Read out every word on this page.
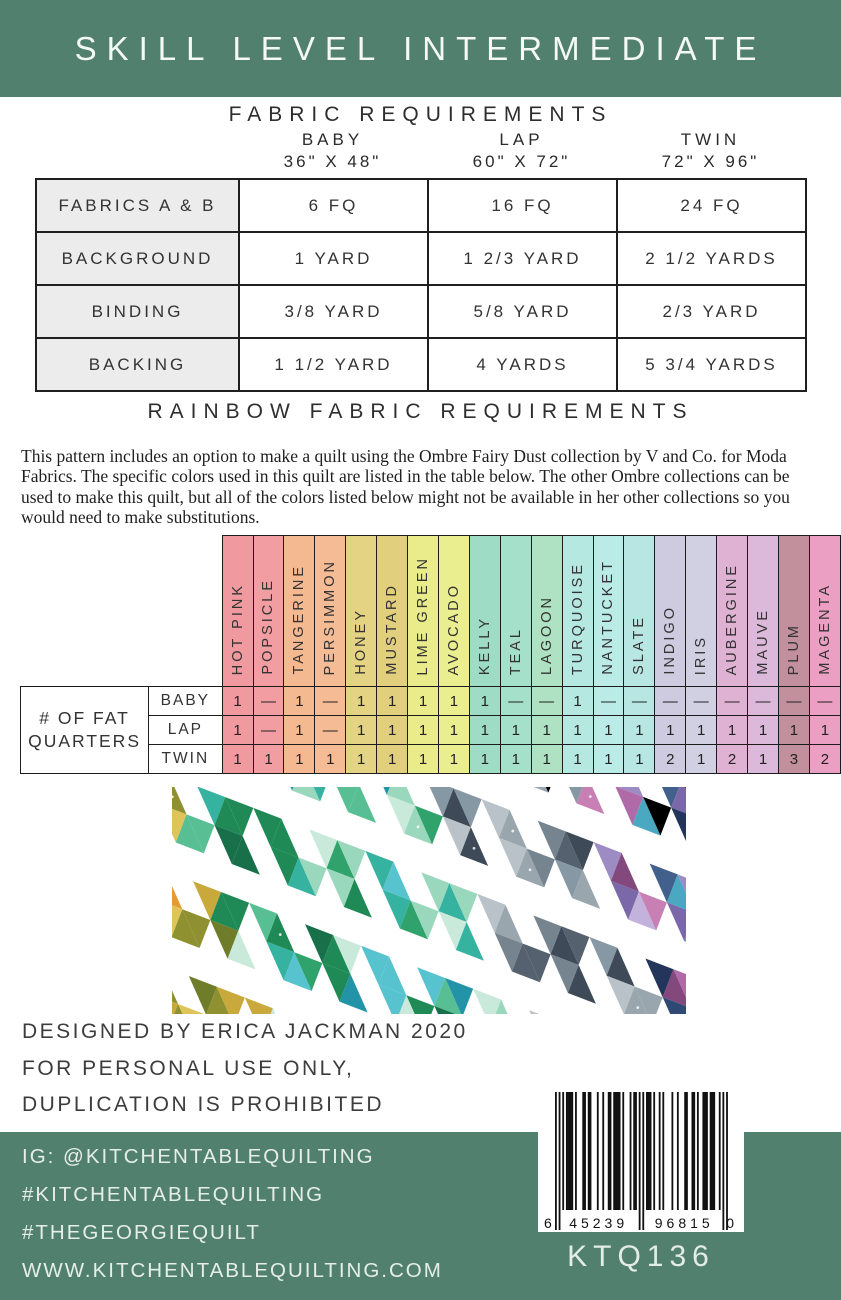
SKILL LEVEL INTERMEDIATE
FABRIC REQUIREMENTS
BABY	LAP	TWIN
36" X 48"	60" X 72"	72" X 96"
FABRICS A & B	6 FQ	16 FQ	24 FQ
BACKGROUND	1 YARD	1 2/3 YARD	2 1/2 YARDS
BINDING	3/8 YARD	5/8 YARD	2/3 YARD
BACKING	1 1/2 YARD	4 YARDS	5 3/4 YARDS
RAINBOW FABRIC REQUIREMENTS

This pattern includes an option to make a quilt using the Ombre Fairy Dust collection by V and Co. for Moda Fabrics. The specific colors used in this quilt are listed in the table below. The other Ombre collections can be used to make this quilt, but all of the colors listed below might not be available in her other collections so you would need to make substitutions.

		HOT PINK	POPSICLE	TANGERINE	PERSIMMON	HONEY	MUSTARD	LIME GREEN	AVOCADO	KELLY	TEAL	LAGOON	TURQUOISE	NANTUCKET	SLATE	INDIGO	IRIS	AUBERGINE	MAUVE	PLUM	MAGENTA

# OF FAT
QUARTERS	BABY	1	—	1	—	1	1	1	1	1	—	—	1	—	—	—	—	—	—	—	—
	LAP	1	—	1	—	1	1	1	1	1	1	1	1	1	1	1	1	1	1	1	1
	TWIN	1	1	1	1	1	1	1	1	1	1	1	1	1	1	2	1	2	1	3	2
DESIGNED BY ERICA JACKMAN 2020
FOR PERSONAL USE ONLY,
DUPLICATION IS PROHIBITED
IG: @KITCHENTABLEQUILTING
#KITCHENTABLEQUILTING
#THEGEORGIEQUILT
WWW.KITCHENTABLEQUILTING.COM
6 45239 96815 0
KTQ136
